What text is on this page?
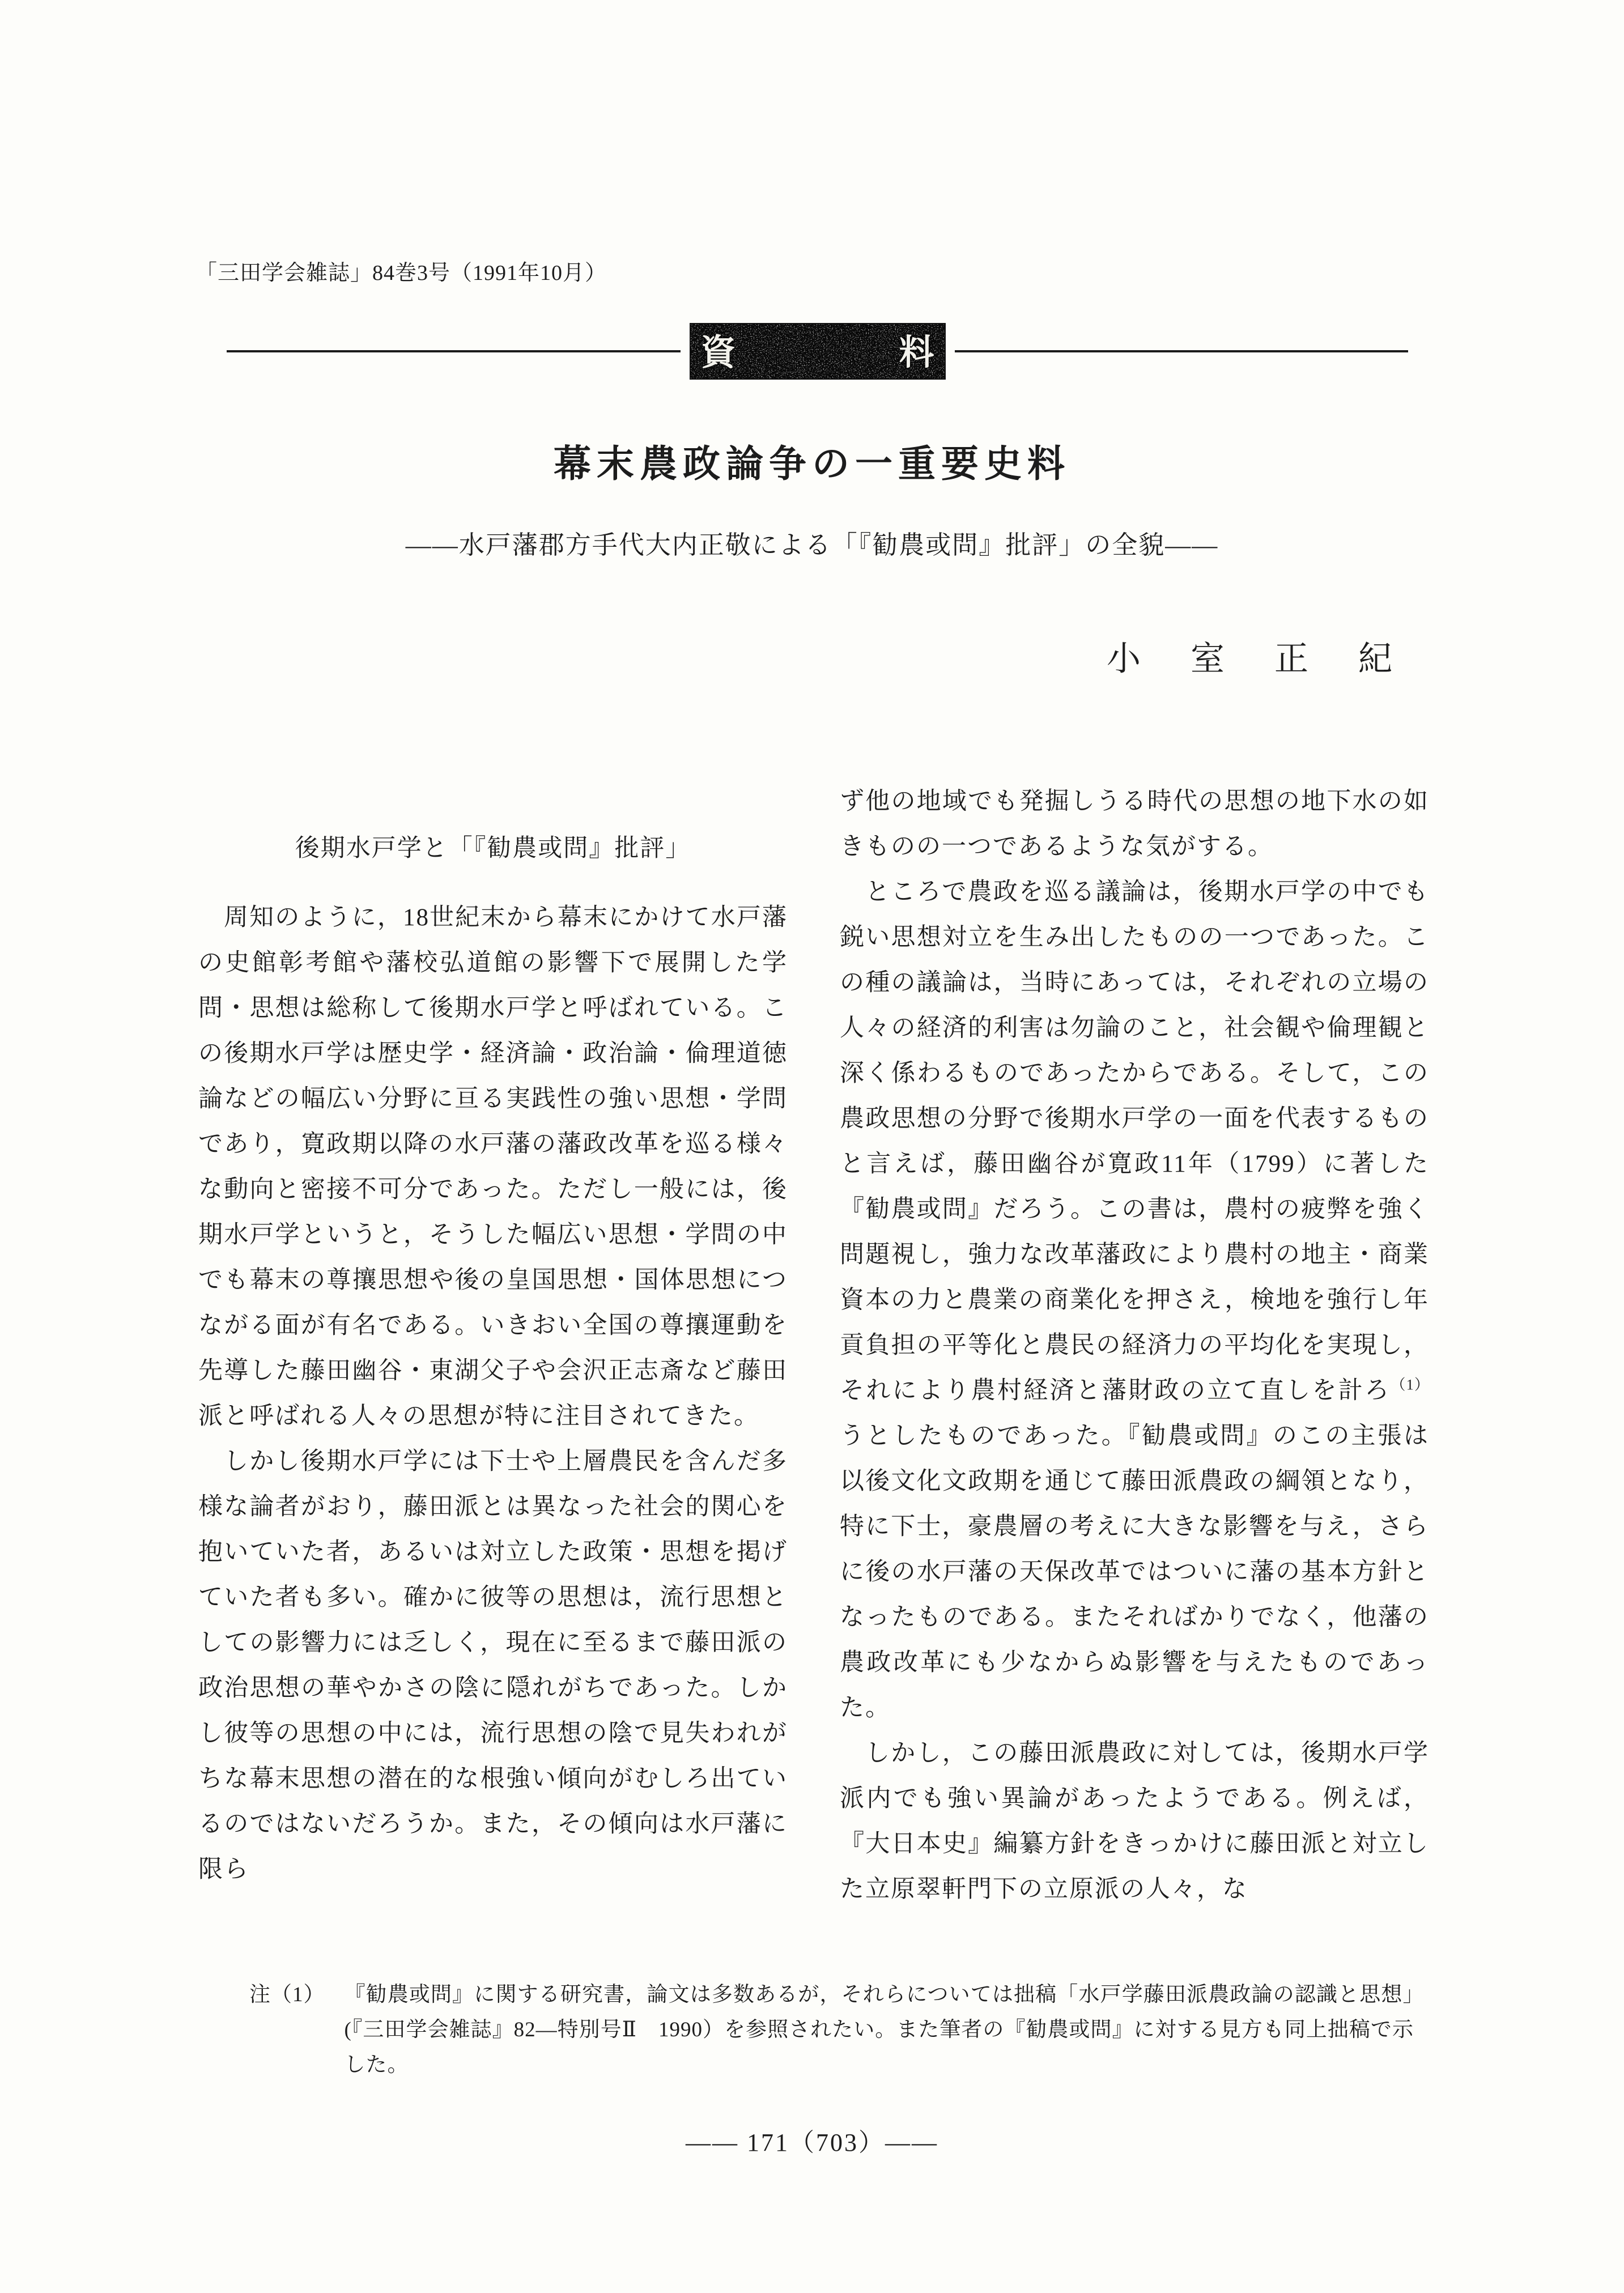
「三田学会雑誌」84巻3号（1991年10月）
資	料
幕末農政論争の一重要史料
——水戸藩郡方手代大内正敬による「『勧農或問』批評」の全貌——
小　室　正　紀
後期水戸学と「『勧農或問』批評」

周知のように，18世紀末から幕末にかけて水戸藩の史館彰考館や藩校弘道館の影響下で展開した学問・思想は総称して後期水戸学と呼ばれている。この後期水戸学は歴史学・経済論・政治論・倫理道徳論などの幅広い分野に亘る実践性の強い思想・学問であり，寛政期以降の水戸藩の藩政改革を巡る様々な動向と密接不可分であった。ただし一般には，後期水戸学というと，そうした幅広い思想・学問の中でも幕末の尊攘思想や後の皇国思想・国体思想につながる面が有名である。いきおい全国の尊攘運動を先導した藤田幽谷・東湖父子や会沢正志斎など藤田派と呼ばれる人々の思想が特に注目されてきた。

しかし後期水戸学には下士や上層農民を含んだ多様な論者がおり，藤田派とは異なった社会的関心を抱いていた者，あるいは対立した政策・思想を掲げていた者も多い。確かに彼等の思想は，流行思想としての影響力には乏しく，現在に至るまで藤田派の政治思想の華やかさの陰に隠れがちであった。しかし彼等の思想の中には，流行思想の陰で見失われがちな幕末思想の潜在的な根強い傾向がむしろ出ているのではないだろうか。また，その傾向は水戸藩に限ら

ず他の地域でも発掘しうる時代の思想の地下水の如きものの一つであるような気がする。

ところで農政を巡る議論は，後期水戸学の中でも鋭い思想対立を生み出したものの一つであった。この種の議論は，当時にあっては，それぞれの立場の人々の経済的利害は勿論のこと，社会観や倫理観と深く係わるものであったからである。そして，この農政思想の分野で後期水戸学の一面を代表するものと言えば，藤田幽谷が寛政11年（1799）に著した『勧農或問』だろう。この書は，農村の疲弊を強く問題視し，強力な改革藩政により農村の地主・商業資本の力と農業の商業化を押さえ，検地を強行し年貢負担の平等化と農民の経済力の平均化を実現し，それにより農村経済と藩財政の立て直しを計ろ$^{(1)}$うとしたものであった。『勧農或問』のこの主張は以後文化文政期を通じて藤田派農政の綱領となり，特に下士，豪農層の考えに大きな影響を与え，さらに後の水戸藩の天保改革ではついに藩の基本方針となったものである。またそればかりでなく，他藩の農政改革にも少なからぬ影響を与えたものであった。

しかし，この藤田派農政に対しては，後期水戸学派内でも強い異論があったようである。例えば，『大日本史』編纂方針をきっかけに藤田派と対立した立原翠軒門下の立原派の人々，な

注（1） 『勧農或問』に関する研究書，論文は多数あるが，それらについては拙稿「水戸学藤田派農政論の認識と思想」(『三田学会雑誌』82—特別号Ⅱ　1990）を参照されたい。また筆者の『勧農或問』に対する見方も同上拙稿で示した。
—— 171（703）——
